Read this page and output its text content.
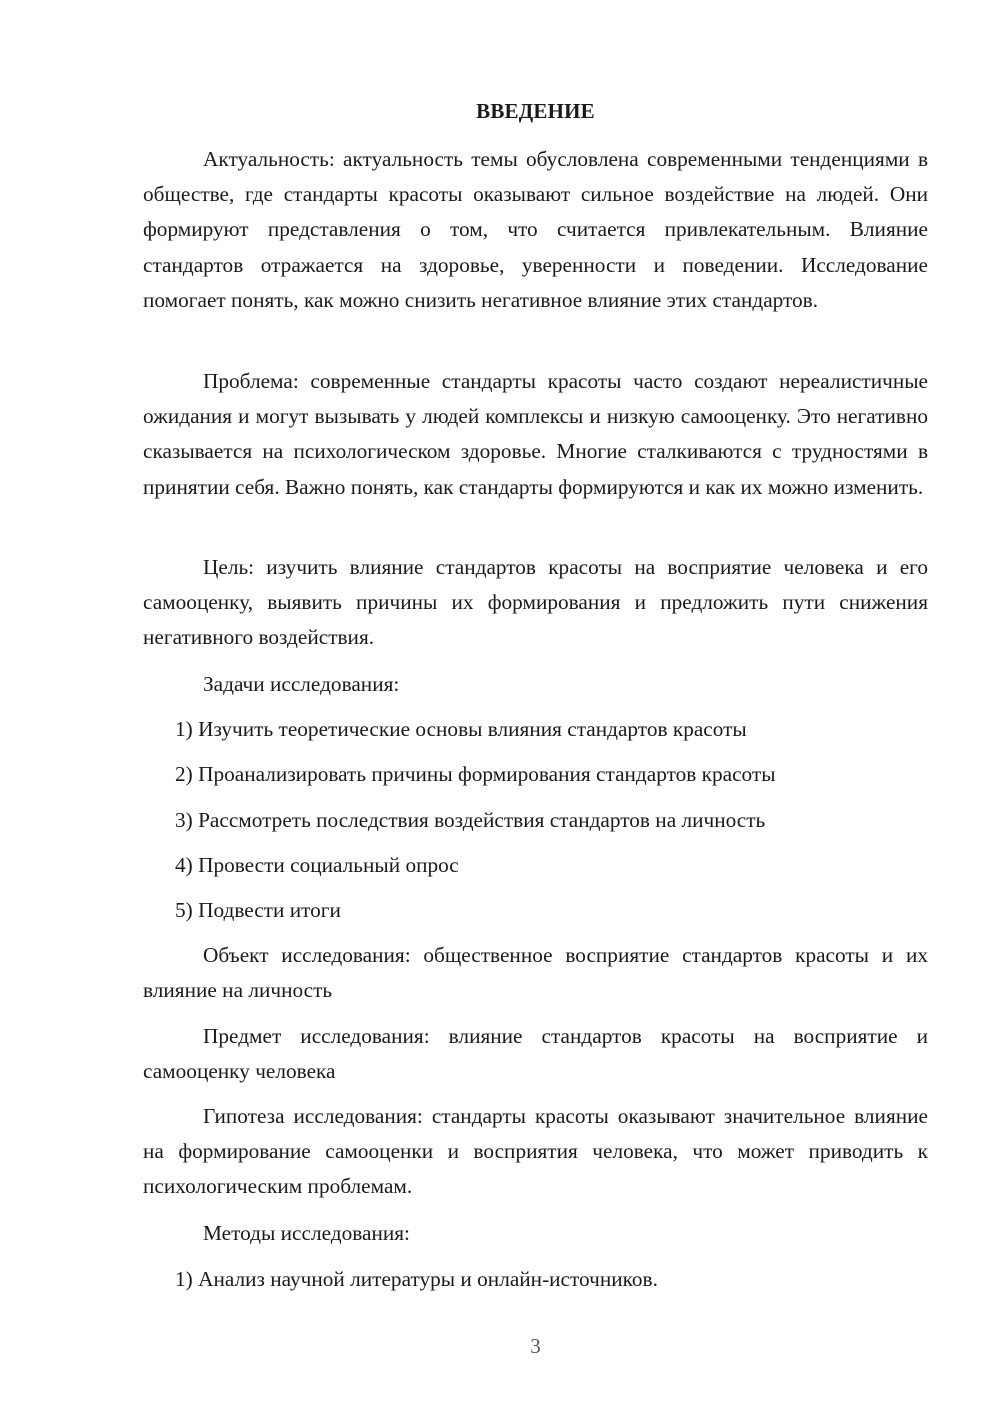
ВВЕДЕНИЕ

Актуальность: актуальность темы обусловлена современными тенденциями в обществе, где стандарты красоты оказывают сильное воздействие на людей. Они формируют представления о том, что считается привлекательным. Влияние стандартов отражается на здоровье, уверенности и поведении. Исследование помогает понять, как можно снизить негативное влияние этих стандартов.

Проблема: современные стандарты красоты часто создают нереалистичные ожидания и могут вызывать у людей комплексы и низкую самооценку. Это негативно сказывается на психологическом здоровье. Многие сталкиваются с трудностями в принятии себя. Важно понять, как стандарты формируются и как их можно изменить.

Цель: изучить влияние стандартов красоты на восприятие человека и его самооценку, выявить причины их формирования и предложить пути снижения негативного воздействия.

Задачи исследования:
1) Изучить теоретические основы влияния стандартов красоты
2) Проанализировать причины формирования стандартов красоты
3) Рассмотреть последствия воздействия стандартов на личность
4) Провести социальный опрос
5) Подвести итоги

Объект исследования: общественное восприятие стандартов красоты и их влияние на личность

Предмет исследования: влияние стандартов красоты на восприятие и самооценку человека

Гипотеза исследования: стандарты красоты оказывают значительное влияние на формирование самооценки и восприятия человека, что может приводить к психологическим проблемам.

Методы исследования:
1) Анализ научной литературы и онлайн-источников.
3
